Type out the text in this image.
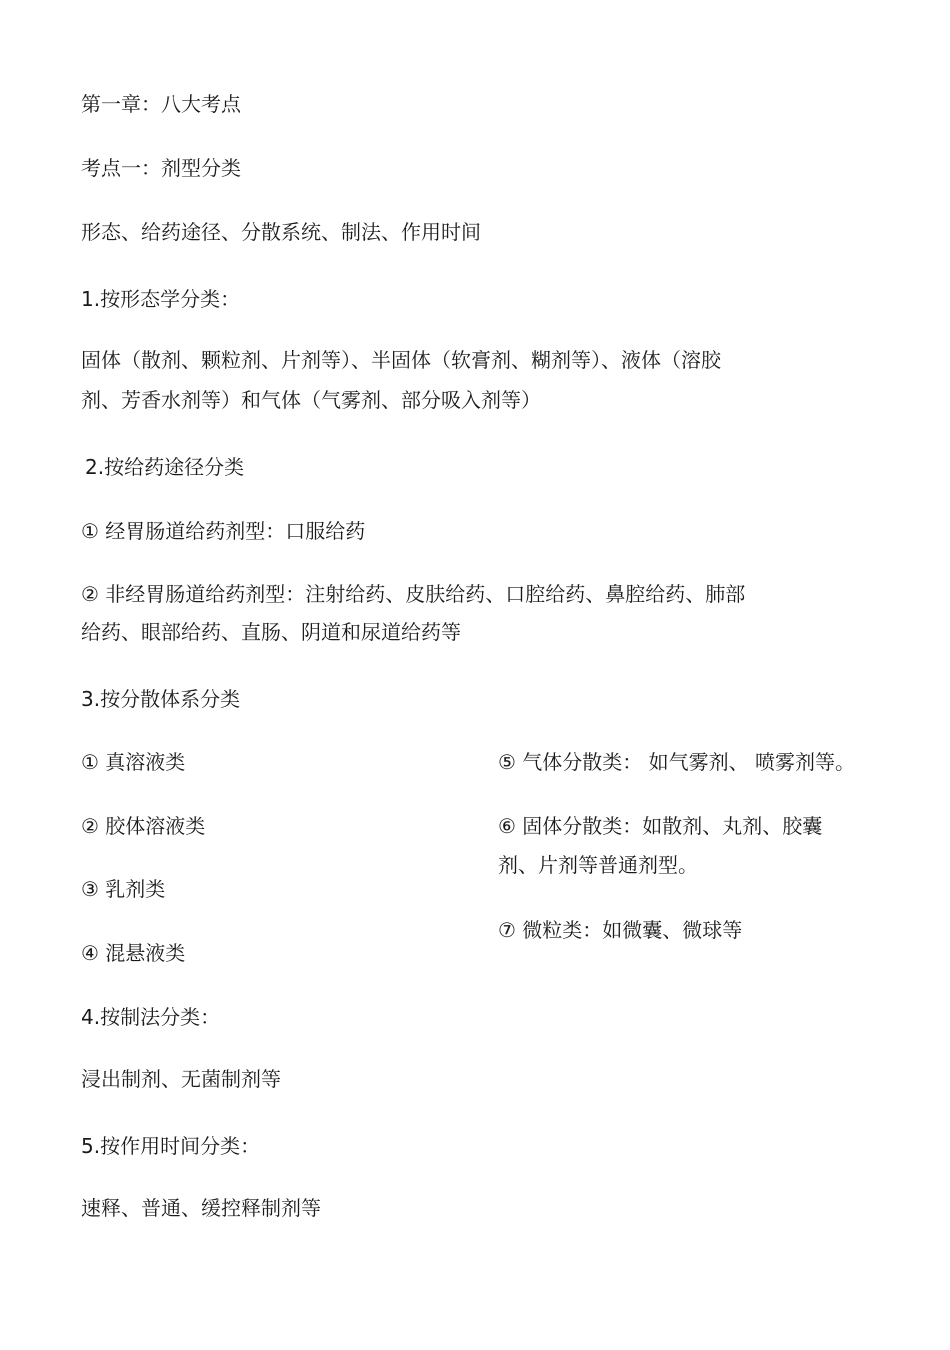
第一章：八大考点
考点一：剂型分类
形态、给药途径、分散系统、制法、作用时间
1.按形态学分类：
固体（散剂、颗粒剂、片剂等）、半固体（软膏剂、糊剂等）、液体（溶胶
剂、芳香水剂等）和气体（气雾剂、部分吸入剂等）
2.按给药途径分类
① 经胃肠道给药剂型：口服给药
② 非经胃肠道给药剂型：注射给药、皮肤给药、口腔给药、鼻腔给药、肺部
给药、眼部给药、直肠、阴道和尿道给药等
3.按分散体系分类
① 真溶液类
② 胶体溶液类
③ 乳剂类
④ 混悬液类
⑤ 气体分散类： 如气雾剂、 喷雾剂等。
⑥ 固体分散类：如散剂、丸剂、胶囊
剂、片剂等普通剂型。
⑦ 微粒类：如微囊、微球等
4.按制法分类：
浸出制剂、无菌制剂等
5.按作用时间分类：
速释、普通、缓控释制剂等
